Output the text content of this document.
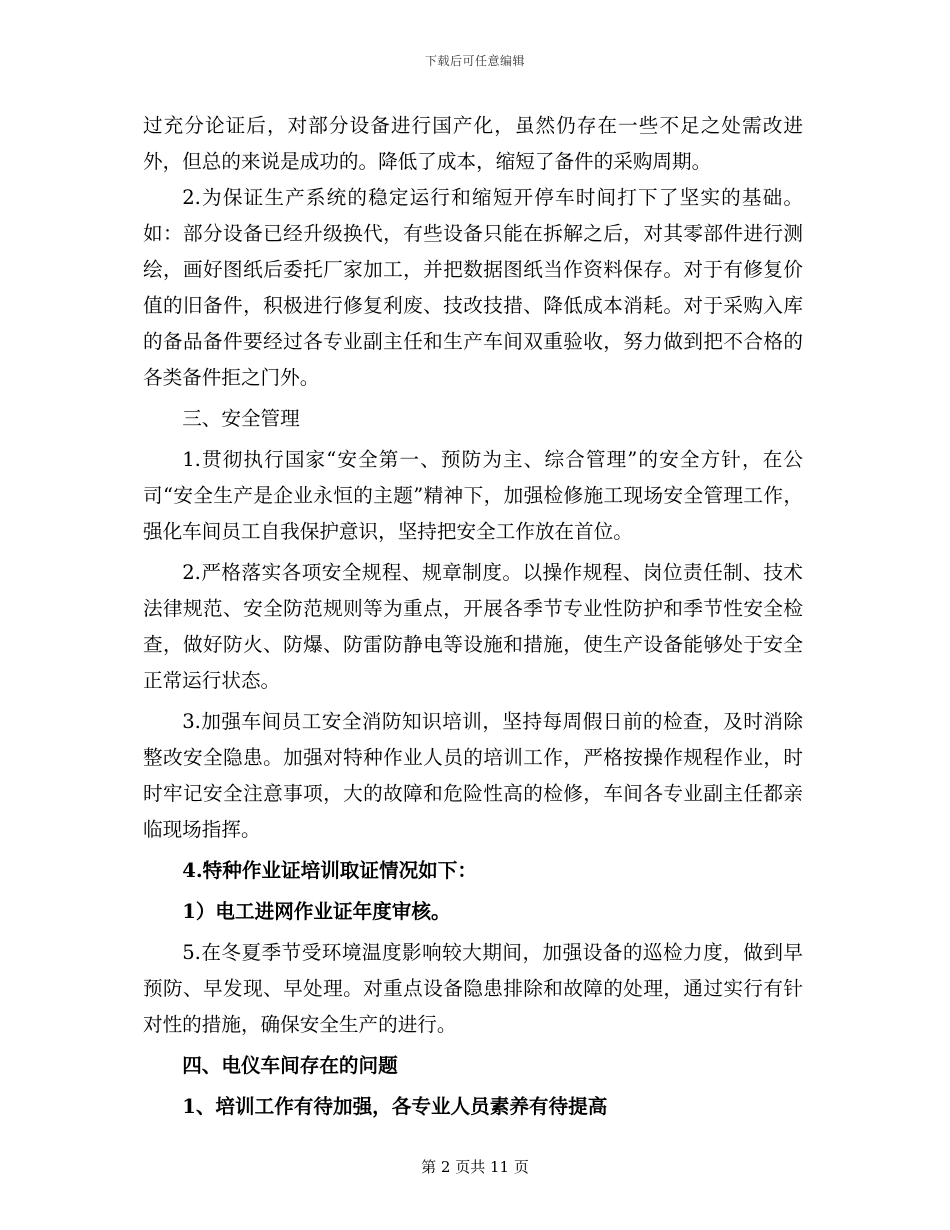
下载后可任意编辑

过充分论证后，对部分设备进行国产化，虽然仍存在一些不足之处需改进外，但总的来说是成功的。降低了成本，缩短了备件的采购周期。

2.为保证生产系统的稳定运行和缩短开停车时间打下了坚实的基础。如：部分设备已经升级换代，有些设备只能在拆解之后，对其零部件进行测绘，画好图纸后委托厂家加工，并把数据图纸当作资料保存。对于有修复价值的旧备件，积极进行修复利废、技改技措、降低成本消耗。对于采购入库的备品备件要经过各专业副主任和生产车间双重验收，努力做到把不合格的各类备件拒之门外。

三、安全管理

1.贯彻执行国家“安全第一、预防为主、综合管理”的安全方针，在公司“安全生产是企业永恒的主题”精神下，加强检修施工现场安全管理工作，强化车间员工自我保护意识，坚持把安全工作放在首位。

2.严格落实各项安全规程、规章制度。以操作规程、岗位责任制、技术法律规范、安全防范规则等为重点，开展各季节专业性防护和季节性安全检查，做好防火、防爆、防雷防静电等设施和措施，使生产设备能够处于安全正常运行状态。

3.加强车间员工安全消防知识培训，坚持每周假日前的检查，及时消除整改安全隐患。加强对特种作业人员的培训工作，严格按操作规程作业，时时牢记安全注意事项，大的故障和危险性高的检修，车间各专业副主任都亲临现场指挥。

4.特种作业证培训取证情况如下：

1）电工进网作业证年度审核。

5.在冬夏季节受环境温度影响较大期间，加强设备的巡检力度，做到早预防、早发现、早处理。对重点设备隐患排除和故障的处理，通过实行有针对性的措施，确保安全生产的进行。

四、电仪车间存在的问题

1、培训工作有待加强，各专业人员素养有待提高

第 2 页共 11 页
